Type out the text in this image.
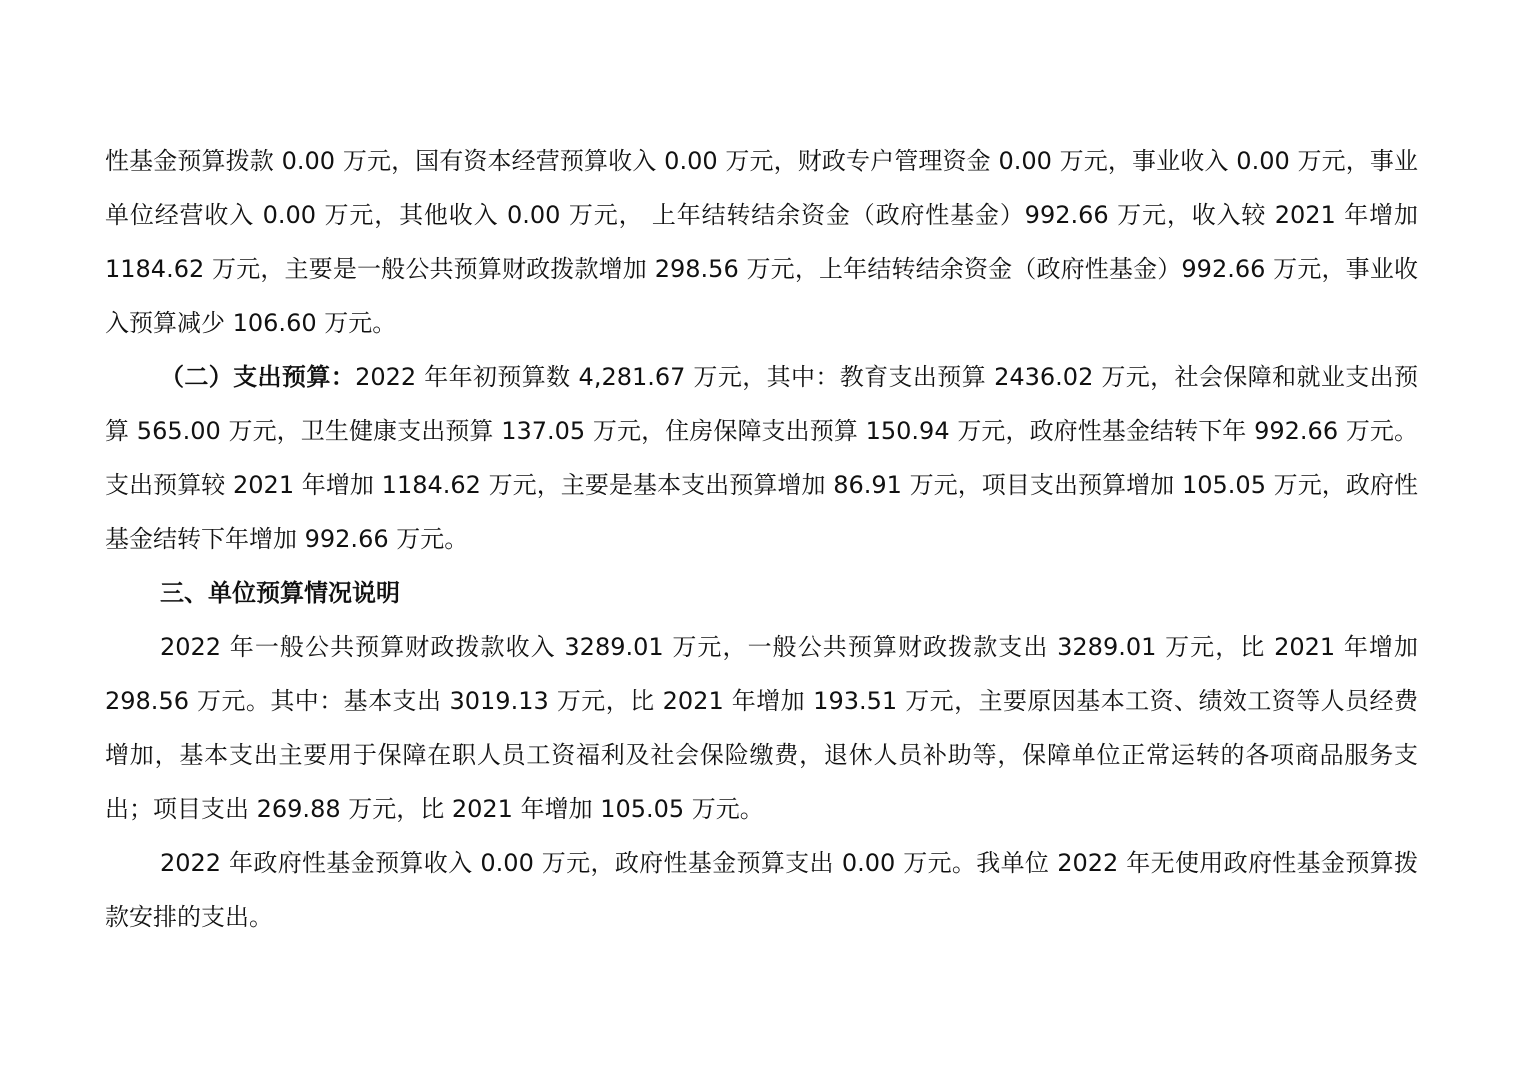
性基金预算拨款 0.00 万元，国有资本经营预算收入 0.00 万元，财政专户管理资金 0.00 万元，事业收入 0.00 万元，事业单位经营收入 0.00 万元，其他收入 0.00 万元， 上年结转结余资金（政府性基金）992.66 万元，收入较 2021 年增加 1184.62 万元，主要是一般公共预算财政拨款增加 298.56 万元，上年结转结余资金（政府性基金）992.66 万元，事业收入预算减少 106.60 万元。

（二）支出预算：2022 年年初预算数 4,281.67 万元，其中：教育支出预算 2436.02 万元，社会保障和就业支出预算 565.00 万元，卫生健康支出预算 137.05 万元，住房保障支出预算 150.94 万元，政府性基金结转下年 992.66 万元。支出预算较 2021 年增加 1184.62 万元，主要是基本支出预算增加 86.91 万元，项目支出预算增加 105.05 万元，政府性基金结转下年增加 992.66 万元。

三、单位预算情况说明

2022 年一般公共预算财政拨款收入 3289.01 万元，一般公共预算财政拨款支出 3289.01 万元，比 2021 年增加 298.56 万元。其中：基本支出 3019.13 万元，比 2021 年增加 193.51 万元，主要原因基本工资、绩效工资等人员经费增加，基本支出主要用于保障在职人员工资福利及社会保险缴费，退休人员补助等，保障单位正常运转的各项商品服务支出；项目支出 269.88 万元，比 2021 年增加 105.05 万元。

2022 年政府性基金预算收入 0.00 万元，政府性基金预算支出 0.00 万元。我单位 2022 年无使用政府性基金预算拨款安排的支出。
